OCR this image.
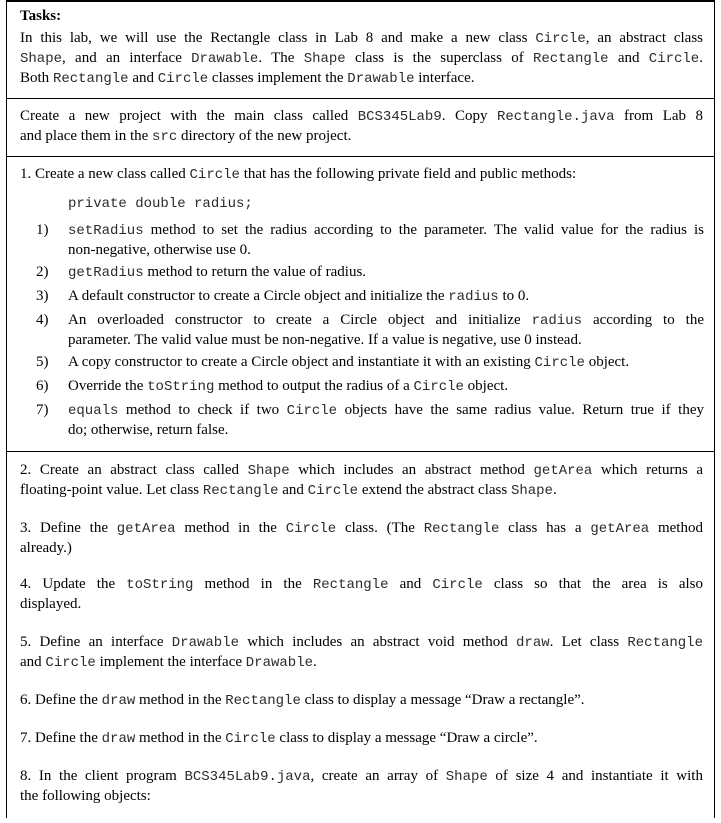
Tasks:
In this lab, we will use the Rectangle class in Lab 8 and make a new class Circle, an abstract class
Shape, and an interface Drawable. The Shape class is the superclass of Rectangle and Circle.
Both Rectangle and Circle classes implement the Drawable interface.
Create a new project with the main class called BCS345Lab9. Copy Rectangle.java from Lab 8
and place them in the src directory of the new project.
1. Create a new class called Circle that has the following private field and public methods:
private double radius;
1) setRadius method to set the radius according to the parameter. The valid value for the radius is
non-negative, otherwise use 0.
2) getRadius method to return the value of radius.
3) A default constructor to create a Circle object and initialize the radius to 0.
4) An overloaded constructor to create a Circle object and initialize radius according to the
parameter. The valid value must be non-negative. If a value is negative, use 0 instead.
5) A copy constructor to create a Circle object and instantiate it with an existing Circle object.
6) Override the toString method to output the radius of a Circle object.
7) equals method to check if two Circle objects have the same radius value. Return true if they
do; otherwise, return false.
2. Create an abstract class called Shape which includes an abstract method getArea which returns a
floating-point value. Let class Rectangle and Circle extend the abstract class Shape.
3. Define the getArea method in the Circle class. (The Rectangle class has a getArea method
already.)
4. Update the toString method in the Rectangle and Circle class so that the area is also
displayed.
5. Define an interface Drawable which includes an abstract void method draw. Let class Rectangle
and Circle implement the interface Drawable.
6. Define the draw method in the Rectangle class to display a message “Draw a rectangle”.
7. Define the draw method in the Circle class to display a message “Draw a circle”.
8. In the client program BCS345Lab9.java, create an array of Shape of size 4 and instantiate it with
the following objects:
